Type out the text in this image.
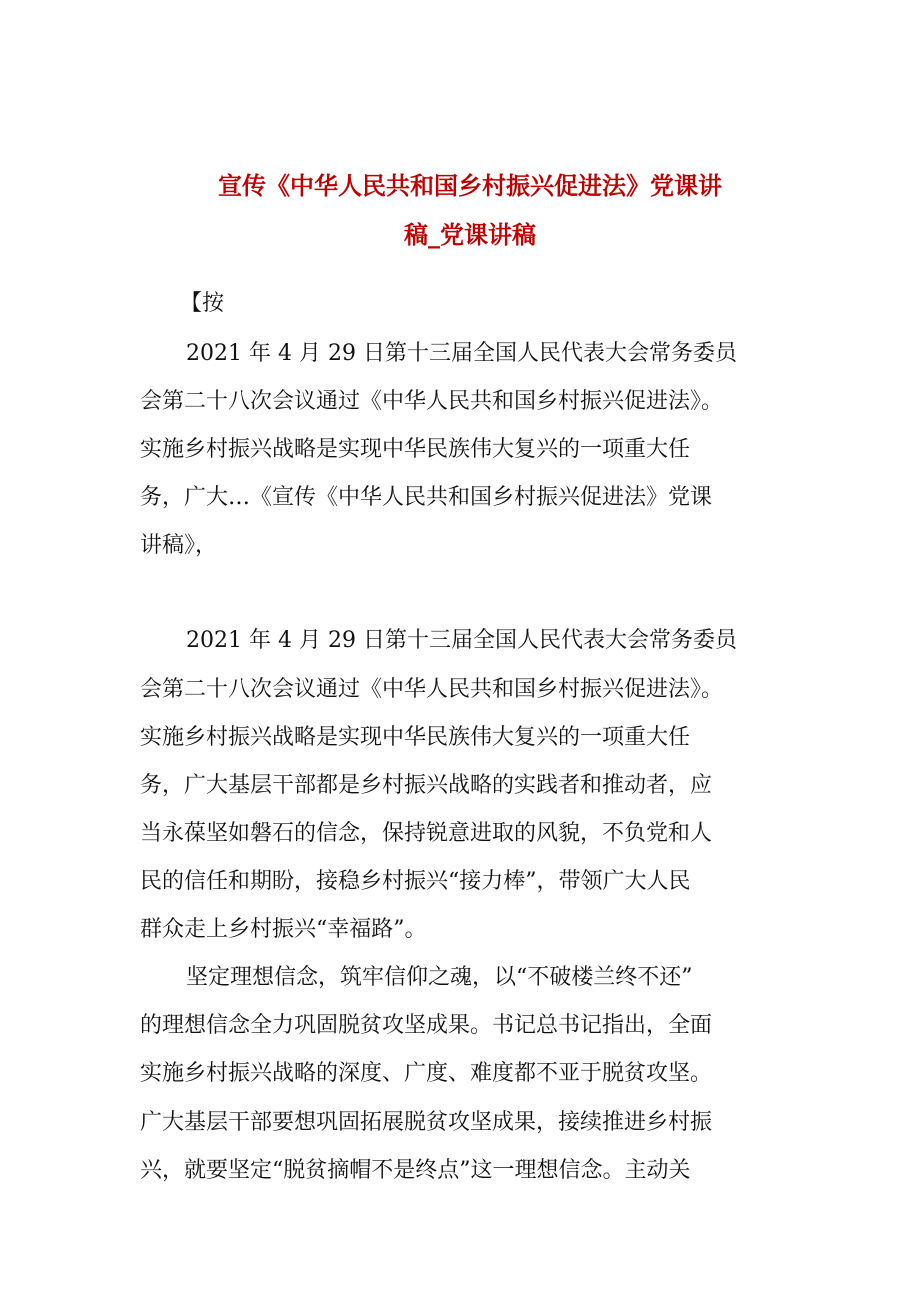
宣传《中华人民共和国乡村振兴促进法》党课讲
稿_党课讲稿
【按
2021 年 4 月 29 日第十三届全国人民代表大会常务委员
会第二十八次会议通过《中华人民共和国乡村振兴促进法》。
实施乡村振兴战略是实现中华民族伟大复兴的一项重大任
务，广大…《宣传《中华人民共和国乡村振兴促进法》党课
讲稿》，
2021 年 4 月 29 日第十三届全国人民代表大会常务委员
会第二十八次会议通过《中华人民共和国乡村振兴促进法》。
实施乡村振兴战略是实现中华民族伟大复兴的一项重大任
务，广大基层干部都是乡村振兴战略的实践者和推动者，应
当永葆坚如磐石的信念，保持锐意进取的风貌，不负党和人
民的信任和期盼，接稳乡村振兴“接力棒”，带领广大人民
群众走上乡村振兴“幸福路”。
坚定理想信念，筑牢信仰之魂，以“不破楼兰终不还”
的理想信念全力巩固脱贫攻坚成果。书记总书记指出，全面
实施乡村振兴战略的深度、广度、难度都不亚于脱贫攻坚。
广大基层干部要想巩固拓展脱贫攻坚成果，接续推进乡村振
兴，就要坚定“脱贫摘帽不是终点”这一理想信念。主动关
